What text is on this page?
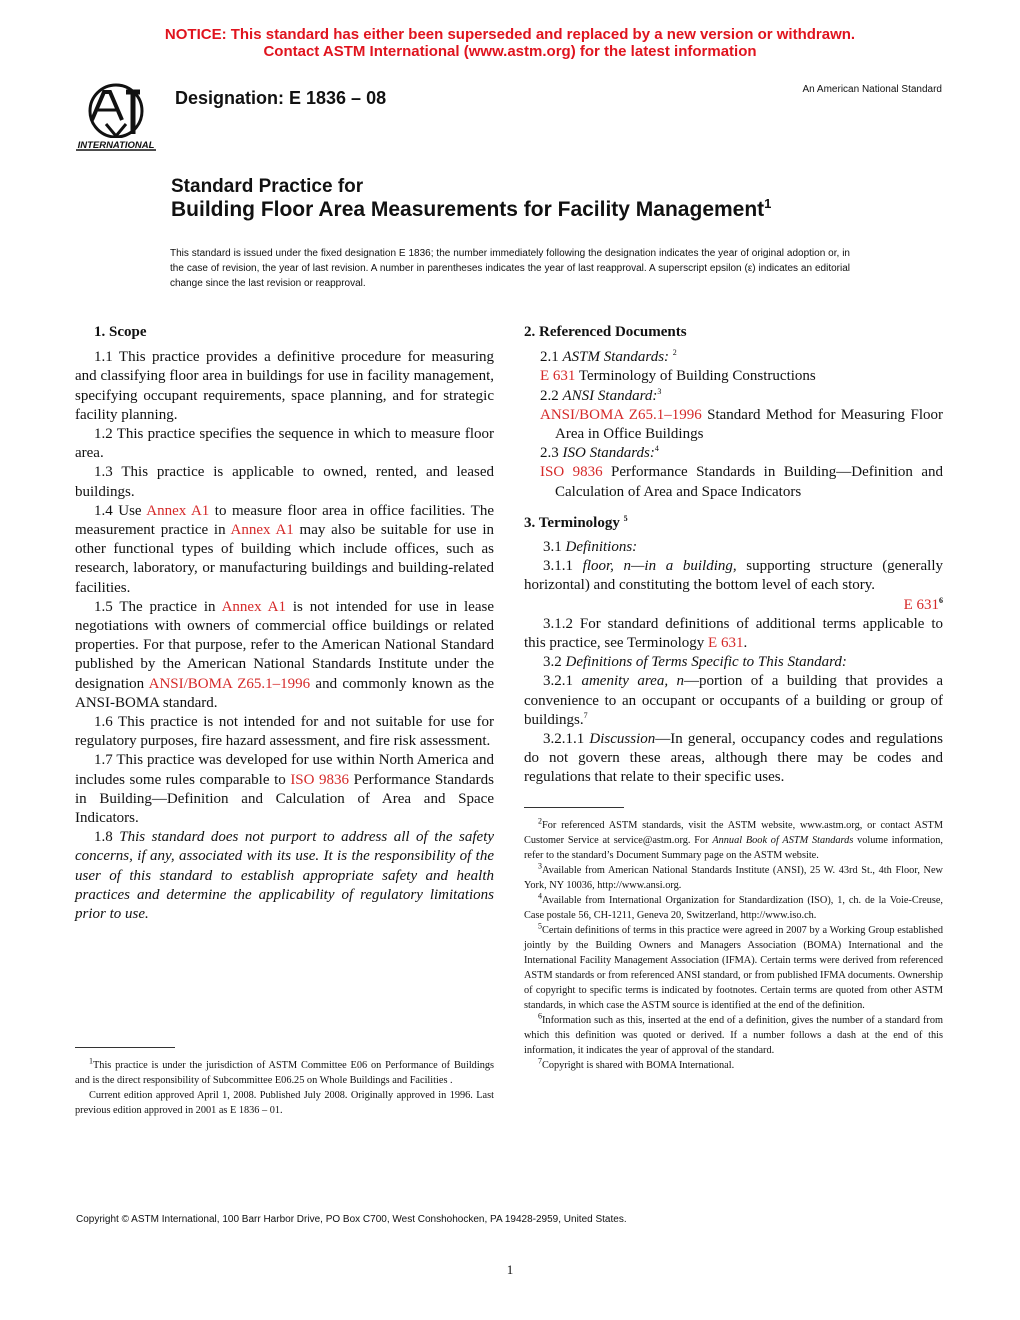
NOTICE: This standard has either been superseded and replaced by a new version or withdrawn.
Contact ASTM International (www.astm.org) for the latest information
INTERNATIONAL
Designation: E 1836 – 08	An American National Standard
Standard Practice for
Building Floor Area Measurements for Facility Management$^1$
This standard is issued under the fixed designation E 1836; the number immediately following the designation indicates the year of original adoption or, in the case of revision, the year of last revision. A number in parentheses indicates the year of last reapproval. A superscript epsilon (ε) indicates an editorial change since the last revision or reapproval.

1. Scope

1.1 This practice provides a definitive procedure for measuring and classifying floor area in buildings for use in facility management, specifying occupant requirements, space planning, and for strategic facility planning.

1.2 This practice specifies the sequence in which to measure floor area.

1.3 This practice is applicable to owned, rented, and leased buildings.

1.4 Use Annex A1 to measure floor area in office facilities. The measurement practice in Annex A1 may also be suitable for use in other functional types of building which include offices, such as research, laboratory, or manufacturing buildings and building-related facilities.

1.5 The practice in Annex A1 is not intended for use in lease negotiations with owners of commercial office buildings or related properties. For that purpose, refer to the American National Standard published by the American National Standards Institute under the designation ANSI/BOMA Z65.1–1996 and commonly known as the ANSI-BOMA standard.

1.6 This practice is not intended for and not suitable for use for regulatory purposes, fire hazard assessment, and fire risk assessment.

1.7 This practice was developed for use within North America and includes some rules comparable to ISO 9836 Performance Standards in Building—Definition and Calculation of Area and Space Indicators.

1.8 This standard does not purport to address all of the safety concerns, if any, associated with its use. It is the responsibility of the user of this standard to establish appropriate safety and health practices and determine the applicability of regulatory limitations prior to use.

$^1$This practice is under the jurisdiction of ASTM Committee E06 on Performance of Buildings and is the direct responsibility of Subcommittee E06.25 on Whole Buildings and Facilities .

Current edition approved April 1, 2008. Published July 2008. Originally approved in 1996. Last previous edition approved in 2001 as E 1836 – 01.

2. Referenced Documents

2.1 ASTM Standards: $^2$

E 631 Terminology of Building Constructions

2.2 ANSI Standard:$^3$

ANSI/BOMA Z65.1–1996 Standard Method for Measuring Floor Area in Office Buildings

2.3 ISO Standards:$^4$

ISO 9836 Performance Standards in Building—Definition and Calculation of Area and Space Indicators

3. Terminology $^5$

3.1 Definitions:

3.1.1 floor, n—in a building, supporting structure (generally horizontal) and constituting the bottom level of each story.

E $631^6$

3.1.2 For standard definitions of additional terms applicable to this practice, see Terminology E 631.

3.2 Definitions of Terms Specific to This Standard:

3.2.1 amenity area, n—portion of a building that provides a convenience to an occupant or occupants of a building or group of buildings.$^7$

3.2.1.1 Discussion—In general, occupancy codes and regulations do not govern these areas, although there may be codes and regulations that relate to their specific uses.

$^2$For referenced ASTM standards, visit the ASTM website, www.astm.org, or contact ASTM Customer Service at service@astm.org. For Annual Book of ASTM Standards volume information, refer to the standard’s Document Summary page on the ASTM website.

$^3$Available from American National Standards Institute (ANSI), 25 W. 43rd St., 4th Floor, New York, NY 10036, http://www.ansi.org.

$^4$Available from International Organization for Standardization (ISO), 1, ch. de la Voie-Creuse, Case postale 56, CH-1211, Geneva 20, Switzerland, http://www.iso.ch.

$^5$Certain definitions of terms in this practice were agreed in 2007 by a Working Group established jointly by the Building Owners and Managers Association (BOMA) International and the International Facility Management Association (IFMA). Certain terms were derived from referenced ASTM standards or from referenced ANSI standard, or from published IFMA documents. Ownership of copyright to specific terms is indicated by footnotes. Certain terms are quoted from other ASTM standards, in which case the ASTM source is identified at the end of the definition.

$^6$Information such as this, inserted at the end of a definition, gives the number of a standard from which this definition was quoted or derived. If a number follows a dash at the end of this information, it indicates the year of approval of the standard.

$^7$Copyright is shared with BOMA International.

Copyright © ASTM International, 100 Barr Harbor Drive, PO Box C700, West Conshohocken, PA 19428-2959, United States.
1
